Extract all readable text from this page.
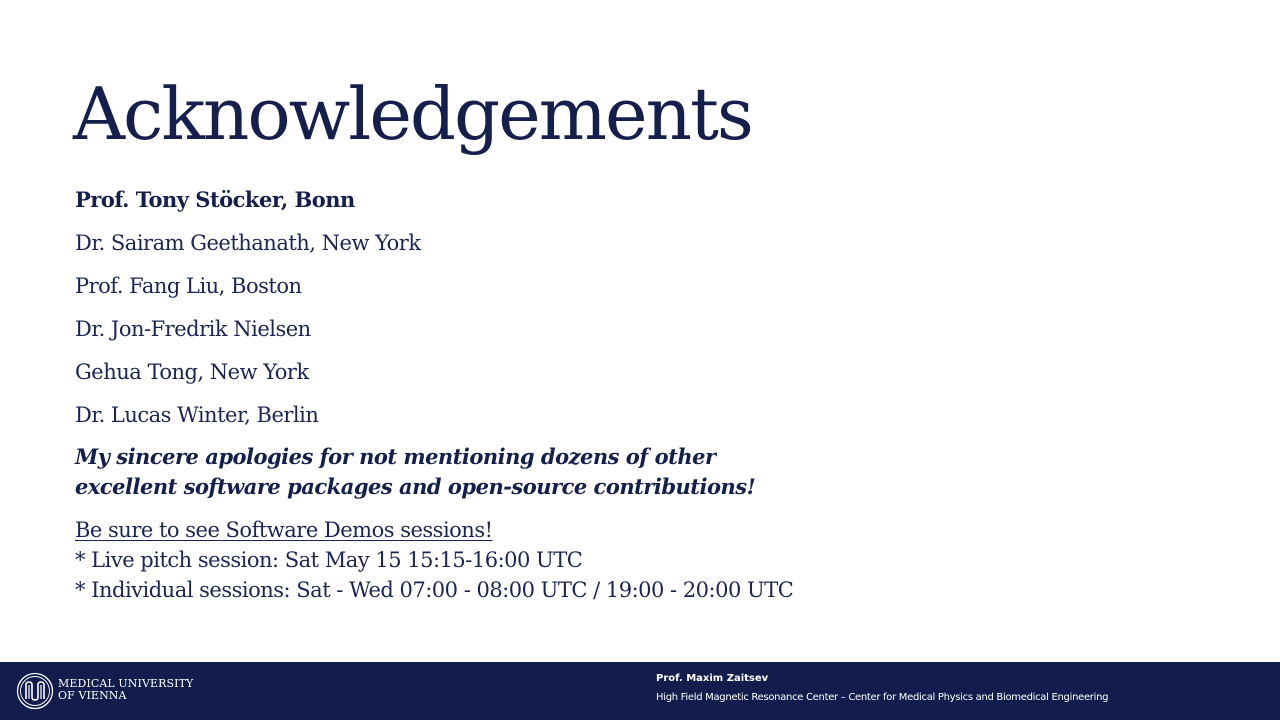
Acknowledgements

Prof. Tony Stöcker, Bonn

Dr. Sairam Geethanath, New York

Prof. Fang Liu, Boston

Dr. Jon-Fredrik Nielsen

Gehua Tong, New York

Dr. Lucas Winter, Berlin

My sincere apologies for not mentioning dozens of other
excellent software packages and open-source contributions!

Be sure to see Software Demos sessions!
* Live pitch session: Sat May 15 15:15-16:00 UTC
* Individual sessions: Sat - Wed 07:00 - 08:00 UTC / 19:00 - 20:00 UTC
MEDICAL UNIVERSITY
OF VIENNA
Prof. Maxim Zaitsev
High Field Magnetic Resonance Center – Center for Medical Physics and Biomedical Engineering
